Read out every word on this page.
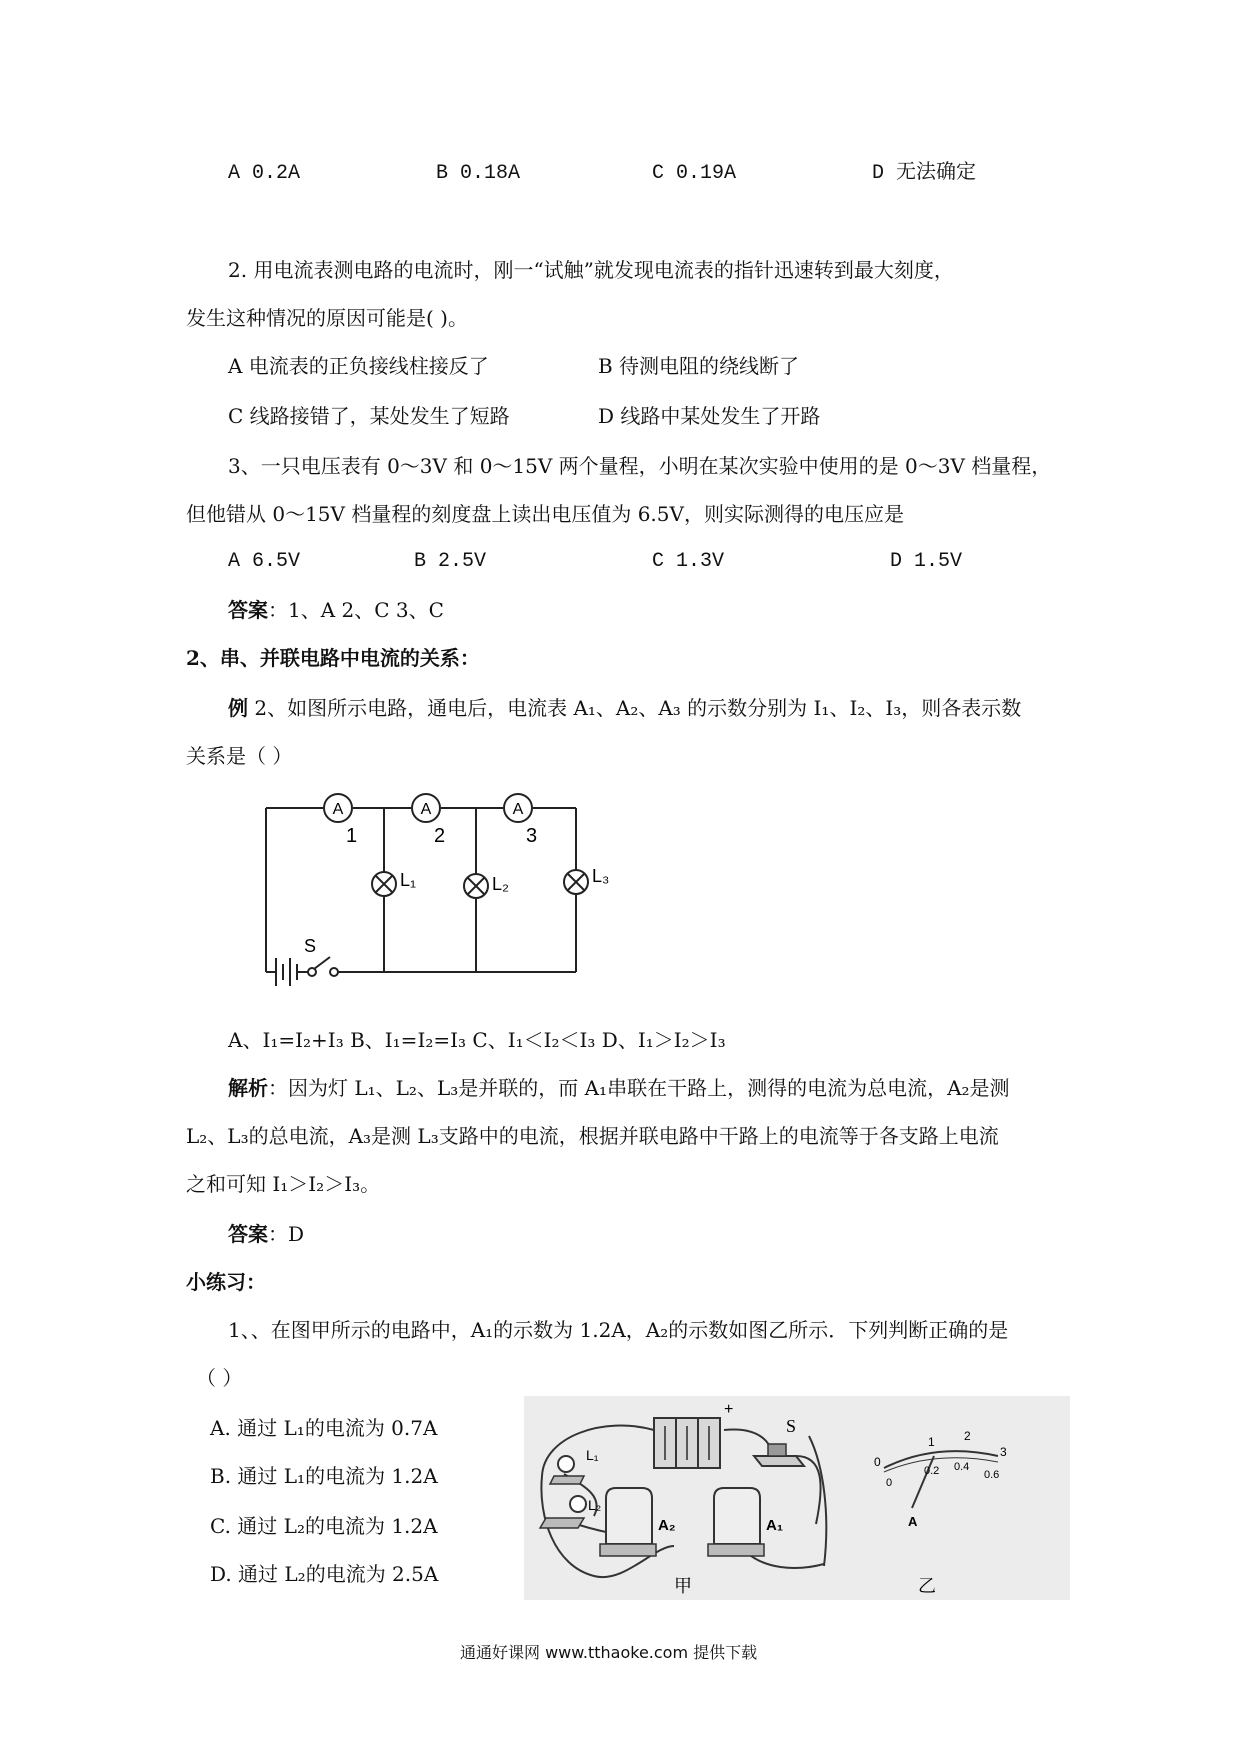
A 0.2A	B 0.18A	C 0.19A	D 无法确定
2. 用电流表测电路的电流时，刚一“试触”就发现电流表的指针迅速转到最大刻度，
发生这种情况的原因可能是( )。
A 电流表的正负接线柱接反了	B 待测电阻的绕线断了
C 线路接错了，某处发生了短路	D 线路中某处发生了开路
3、一只电压表有 0～3V 和 0～15V 两个量程，小明在某次实验中使用的是 0～3V 档量程，
但他错从 0～15V 档量程的刻度盘上读出电压值为 6.5V，则实际测得的电压应是
A 6.5V	B 2.5V	C 1.3V	D 1.5V
答案：1、A 2、C 3、C
2、串、并联电路中电流的关系：
例 2、如图所示电路，通电后，电流表 A₁、A₂、A₃ 的示数分别为 I₁、I₂、I₃，则各表示数
关系是（ ）
A
1
A
2
A
3
L₁	L₂	L₃
S
A、I₁=I₂+I₃ B、I₁=I₂=I₃ C、I₁＜I₂＜I₃ D、I₁＞I₂＞I₃
解析：因为灯 L₁、L₂、L₃是并联的，而 A₁串联在干路上，测得的电流为总电流，A₂是测
L₂、L₃的总电流，A₃是测 L₃支路中的电流，根据并联电路中干路上的电流等于各支路上电流
之和可知 I₁＞I₂＞I₃。
答案：D
小练习：
1、、在图甲所示的电路中，A₁的示数为 1.2A，A₂的示数如图乙所示．下列判断正确的是
（ ）
A. 通过 L₁的电流为 0.7A
B. 通过 L₁的电流为 1.2A
C. 通过 L₂的电流为 1.2A
D. 通过 L₂的电流为 2.5A
+
S
L₁
L₂
A₂	A₁
甲
0
1 2
3
0
0.2 0.4
0.6
A
乙
通通好课网 www.tthaoke.com 提供下载
